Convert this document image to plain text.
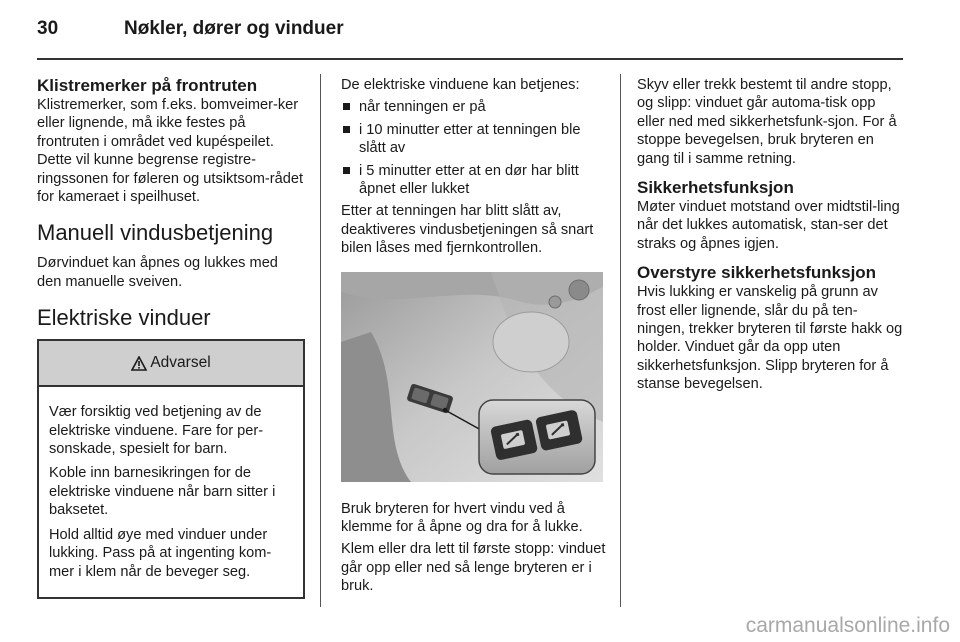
30	Nøkler, dører og vinduer
Klistremerker på frontruten

Klistremerker, som f.eks. bomveimer-ker eller lignende, må ikke festes på frontruten i området ved kupéspeilet. Dette vil kunne begrense registre-ringssonen for føleren og utsiktsom-rådet for kameraet i speilhuset.

Manuell vindusbetjening

Dørvinduet kan åpnes og lukkes med den manuelle sveiven.

Elektriske vinduer
Advarsel

Vær forsiktig ved betjening av de elektriske vinduene. Fare for per-sonskade, spesielt for barn.

Koble inn barnesikringen for de elektriske vinduene når barn sitter i baksetet.

Hold alltid øye med vinduer under lukking. Pass på at ingenting kom-mer i klem når de beveger seg.

De elektriske vinduene kan betjenes:

når tenningen er på
i 10 minutter etter at tenningen ble slått av
i 5 minutter etter at en dør har blitt åpnet eller lukket

Etter at tenningen har blitt slått av, deaktiveres vindusbetjeningen så snart bilen låses med fjernkontrollen.

Bruk bryteren for hvert vindu ved å klemme for å åpne og dra for å lukke.

Klem eller dra lett til første stopp: vinduet går opp eller ned så lenge bryteren er i bruk.

Skyv eller trekk bestemt til andre stopp, og slipp: vinduet går automa-tisk opp eller ned med sikkerhetsfunk-sjon. For å stoppe bevegelsen, bruk bryteren en gang til i samme retning.

Sikkerhetsfunksjon

Møter vinduet motstand over midtstil-ling når det lukkes automatisk, stan-ser det straks og åpnes igjen.

Overstyre sikkerhetsfunksjon

Hvis lukking er vanskelig på grunn av frost eller lignende, slår du på ten-ningen, trekker bryteren til første hakk og holder. Vinduet går da opp uten sikkerhetsfunksjon. Slipp bryteren for å stanse bevegelsen.

carmanualsonline.info
